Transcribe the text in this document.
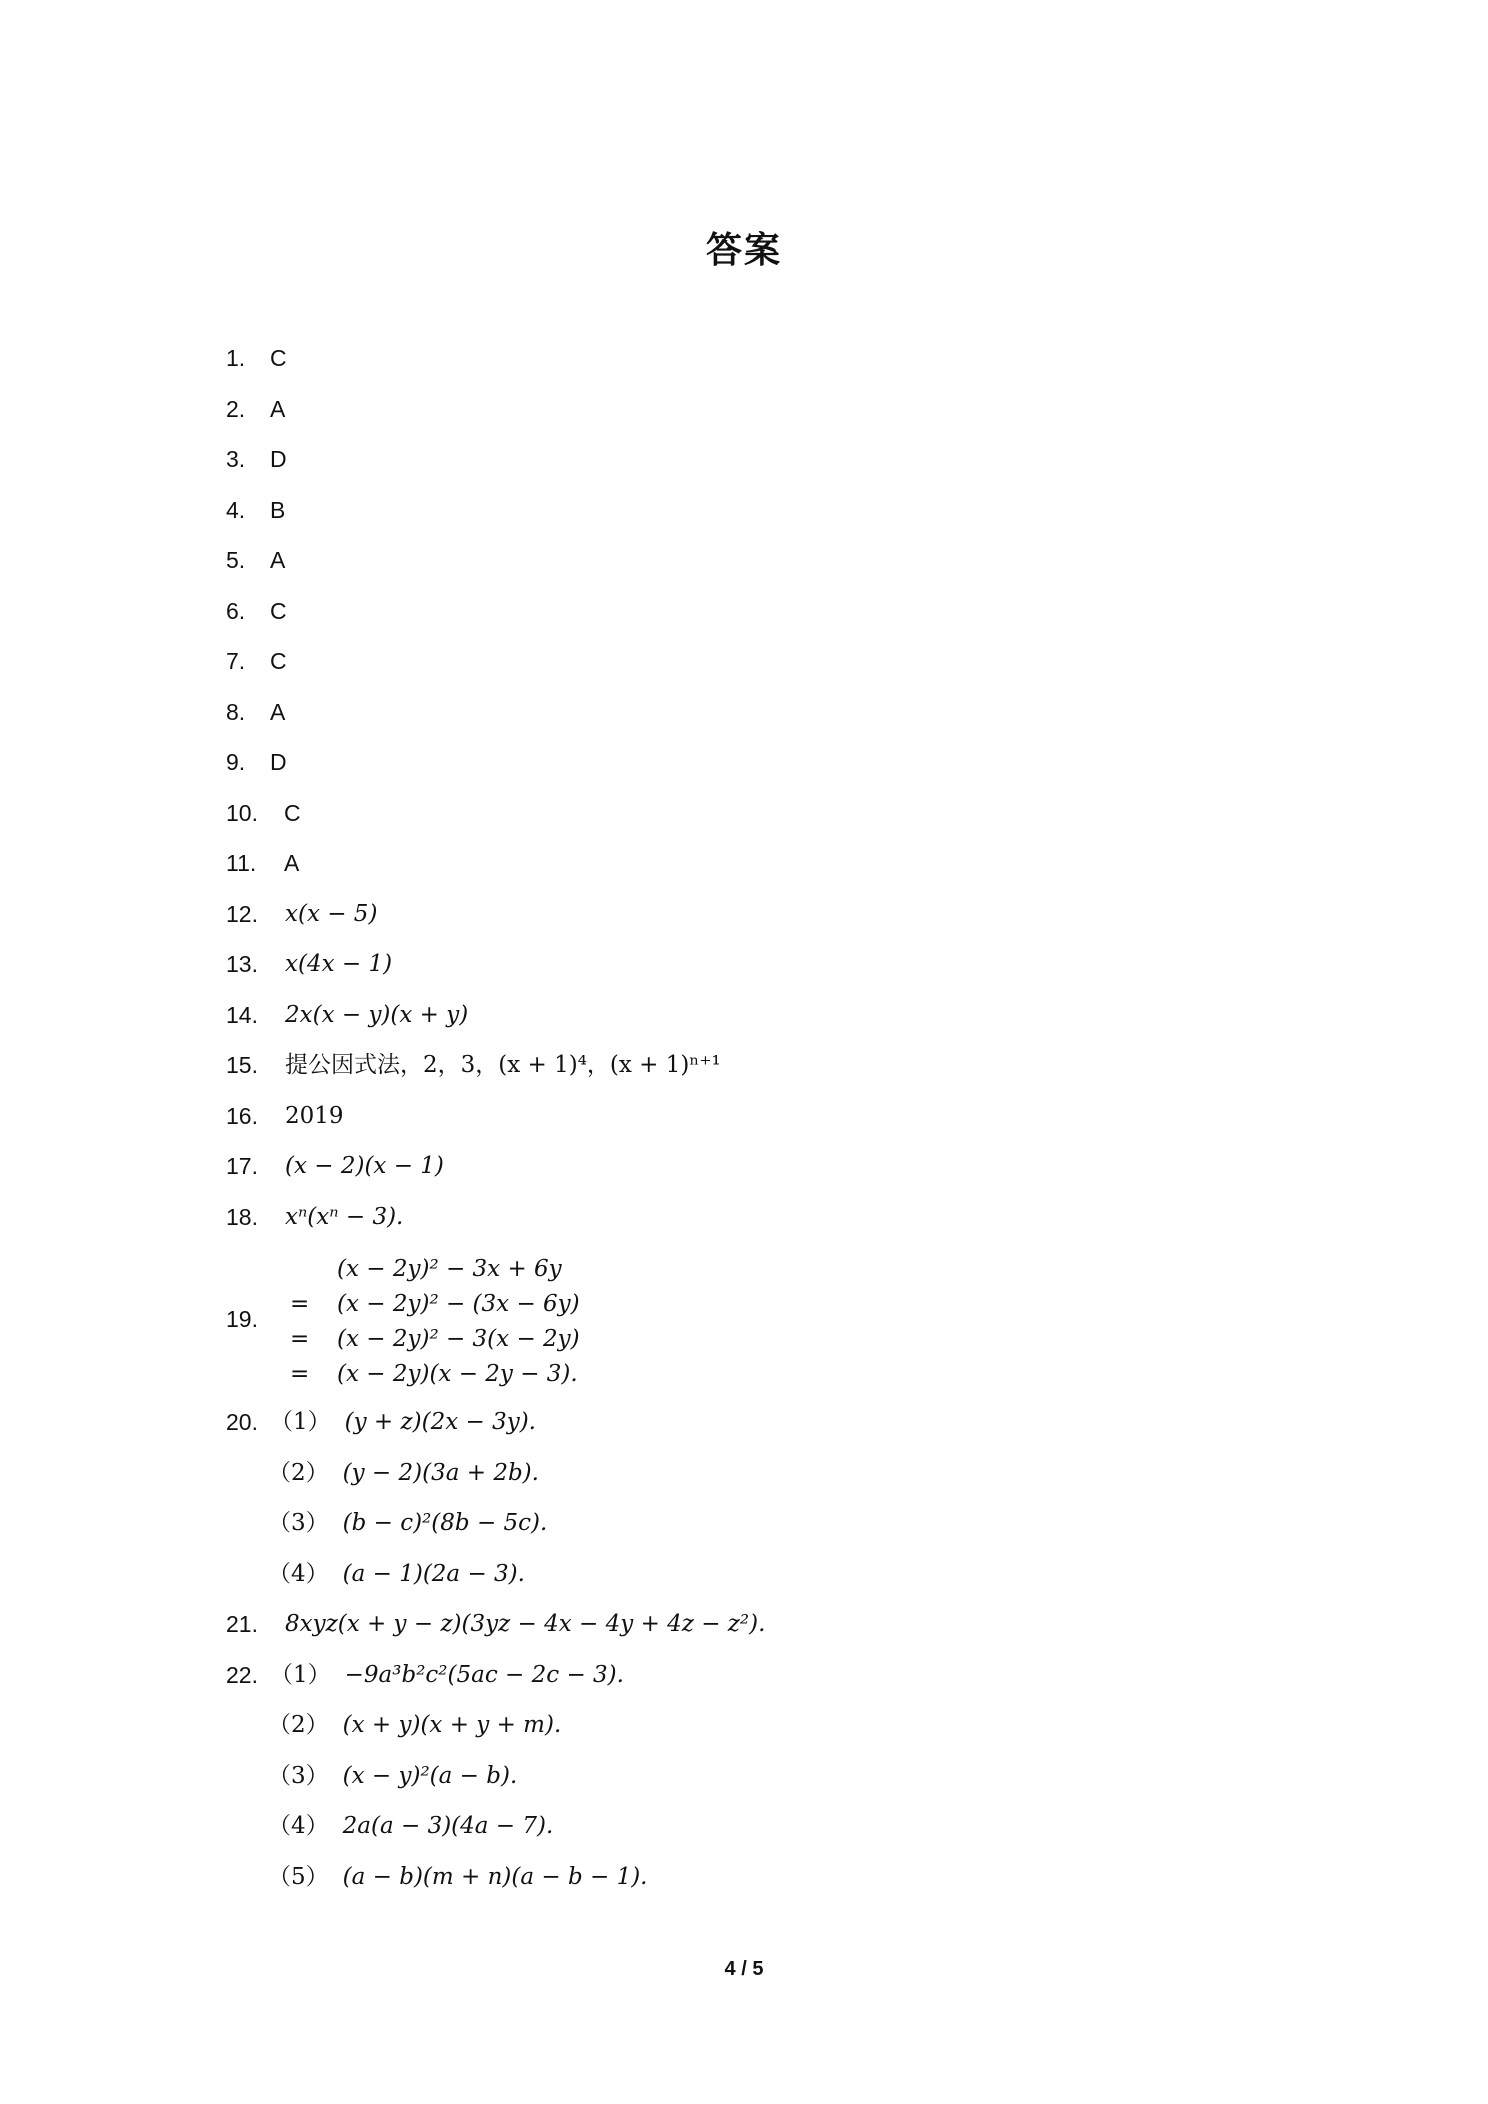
答案
1. C
2. A
3. D
4. B
5. A
6. C
7. C
8. A
9. D
10. C
11. A
12. x(x − 5)
13. x(4x − 1)
14. 2x(x − y)(x + y)
15. 提公因式法，2，3，(x + 1)⁴，(x + 1)ⁿ⁺¹
16. 2019
17. (x − 2)(x − 1)
18. xⁿ(xⁿ − 3).
19.
(x − 2y)² − 3x + 6y
= (x − 2y)² − (3x − 6y)
= (x − 2y)² − 3(x − 2y)
= (x − 2y)(x − 2y − 3).
20. （1） (y + z)(2x − 3y).
（2） (y − 2)(3a + 2b).
（3） (b − c)²(8b − 5c).
（4） (a − 1)(2a − 3).
21. 8xyz(x + y − z)(3yz − 4x − 4y + 4z − z²).
22. （1） −9a³b²c²(5ac − 2c − 3).
（2） (x + y)(x + y + m).
（3） (x − y)²(a − b).
（4） 2a(a − 3)(4a − 7).
（5） (a − b)(m + n)(a − b − 1).
4 / 5
